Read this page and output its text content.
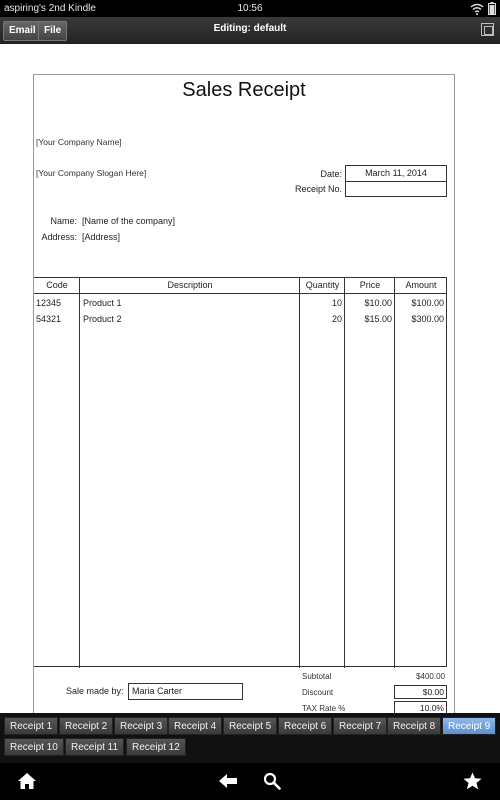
aspiring's 2nd Kindle	10:56
Email File	Editing: default
Sales Receipt
[Your Company Name]
[Your Company Slogan Here]	Date:	March 11, 2014
Receipt No.
Name: [Name of the company]
Address: [Address]
Code	Description	Quantity	Price	Amount
12345	Product 1	10	$10.00	$100.00
54321	Product 2	20	$15.00	$300.00
Subtotal	$400.00
Discount	$0.00
TAX Rate %	10.0%
Sale made by: Maria Carter
Receipt 1	Receipt 2	Receipt 3	Receipt 4	Receipt 5	Receipt 6	Receipt 7	Receipt 8	Receipt 9
Receipt 10	Receipt 11	Receipt 12
